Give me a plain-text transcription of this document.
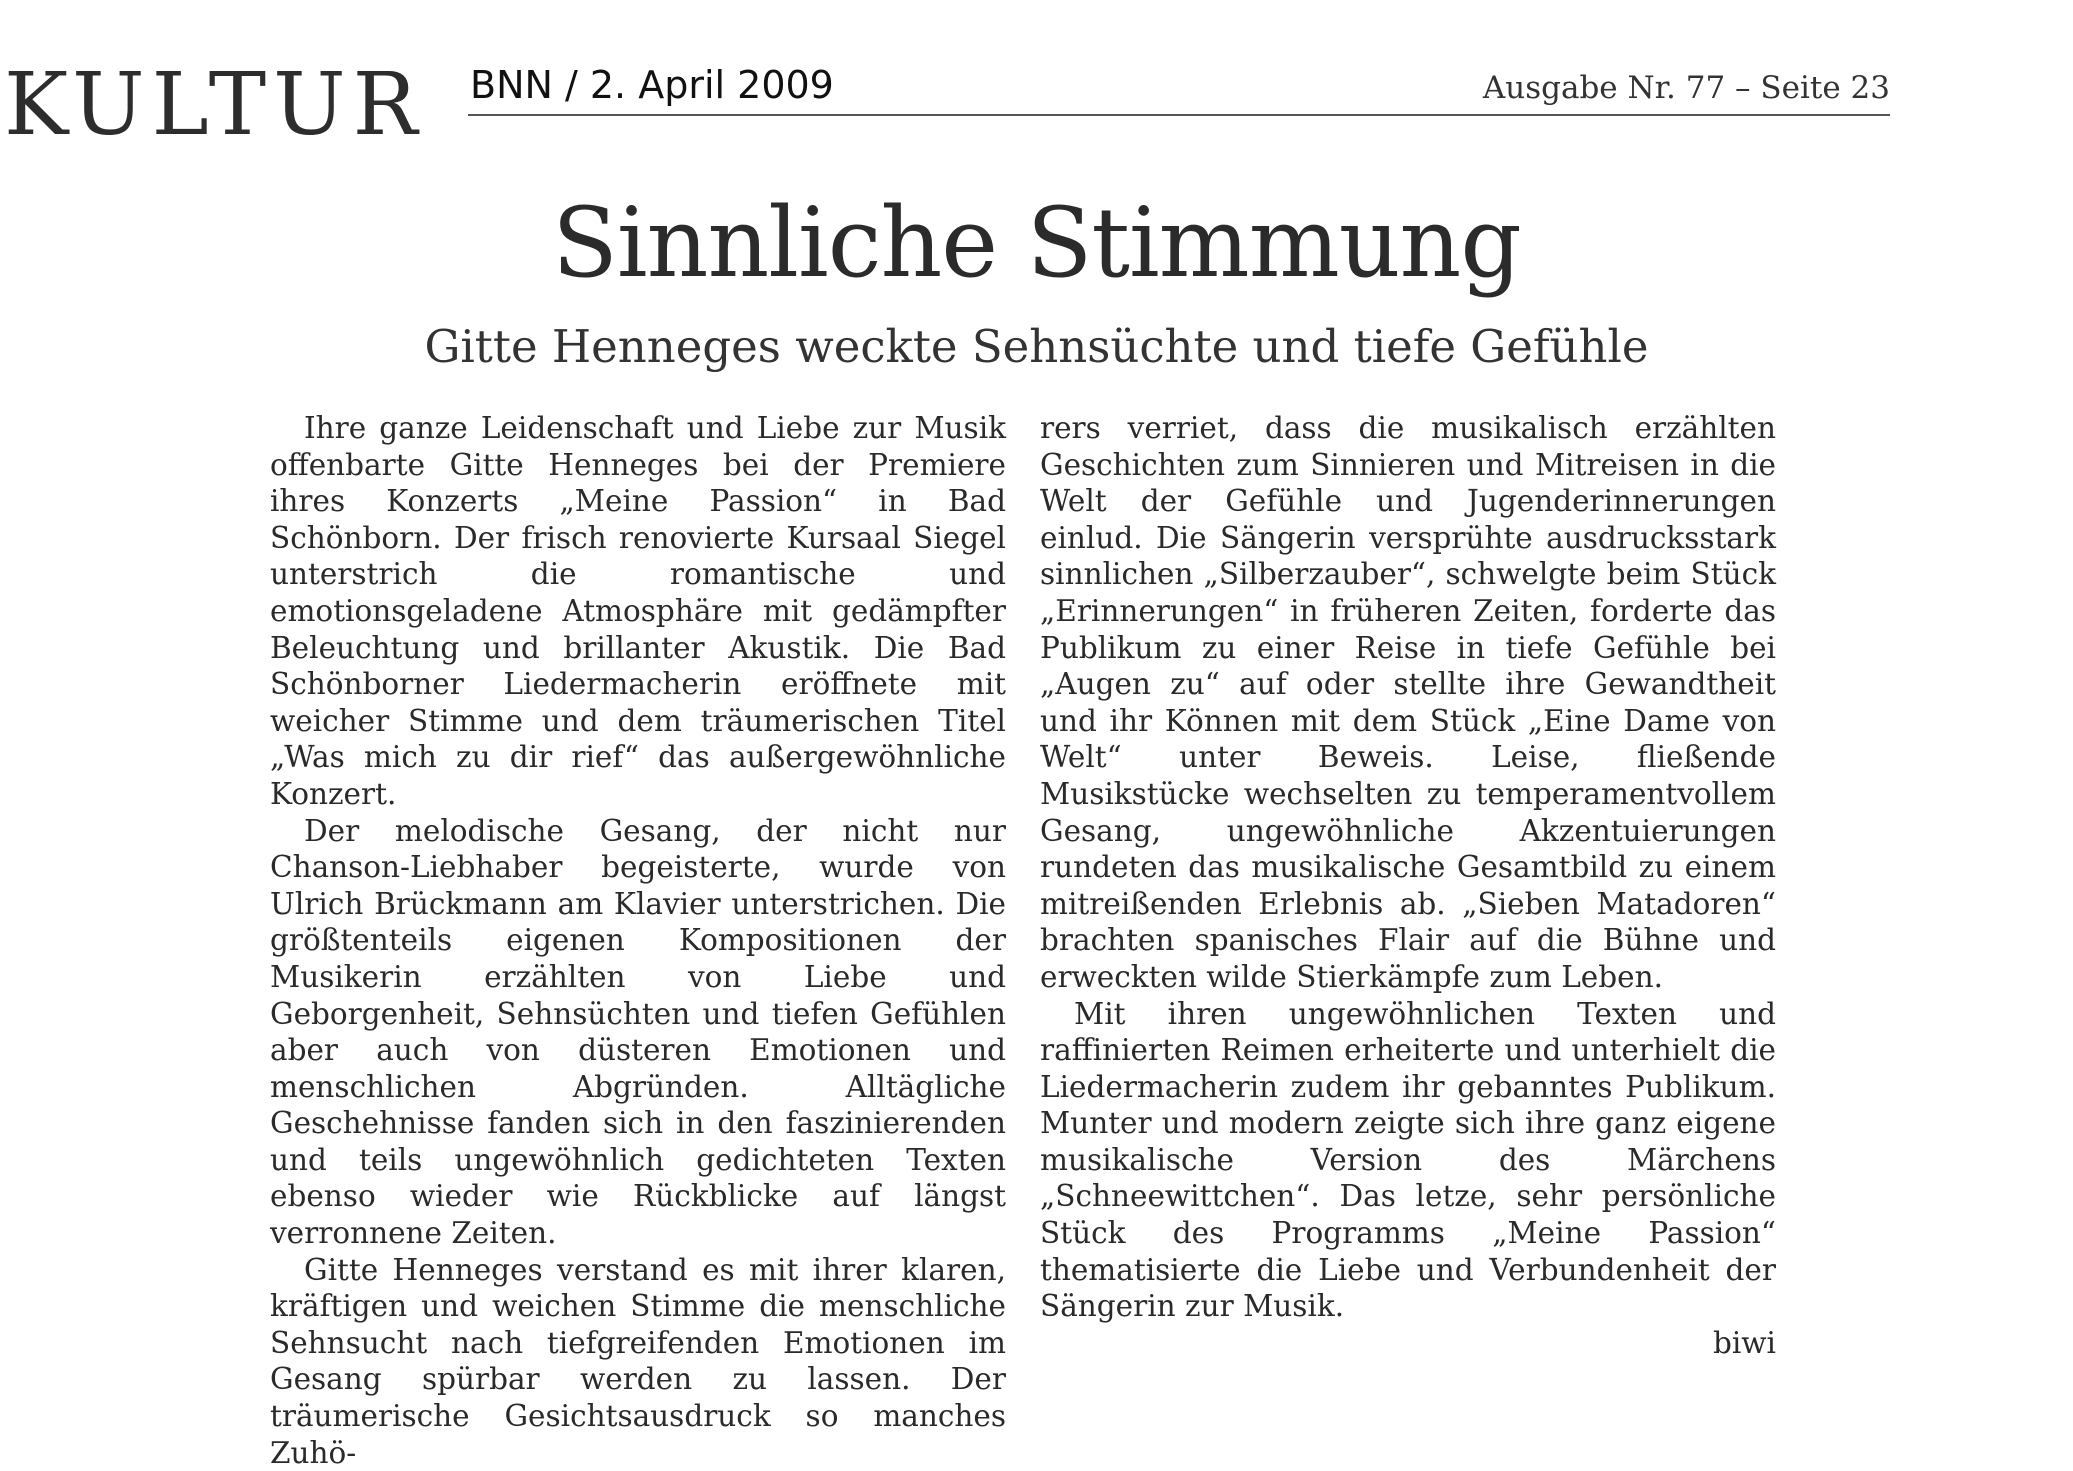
KULTUR BNN / 2. April 2009	Ausgabe Nr. 77 – Seite 23
Sinnliche Stimmung
Gitte Henneges weckte Sehnsüchte und tiefe Gefühle

Ihre ganze Leidenschaft und Liebe zur Musik offenbarte Gitte Henneges bei der Premiere ihres Konzerts „Meine Passion“ in Bad Schönborn. Der frisch renovierte Kursaal Siegel unterstrich die romantische und emotionsgeladene Atmosphäre mit gedämpfter Beleuchtung und brillanter Akustik. Die Bad Schönborner Liedermacherin eröffnete mit weicher Stimme und dem träumerischen Titel „Was mich zu dir rief“ das außergewöhnliche Konzert.

Der melodische Gesang, der nicht nur Chanson-Liebhaber begeisterte, wurde von Ulrich Brückmann am Klavier unterstrichen. Die größtenteils eigenen Kompositionen der Musikerin erzählten von Liebe und Geborgenheit, Sehnsüchten und tiefen Gefühlen aber auch von düsteren Emotionen und menschlichen Abgründen. Alltägliche Geschehnisse fanden sich in den faszinierenden und teils ungewöhnlich gedichteten Texten ebenso wieder wie Rückblicke auf längst verronnene Zeiten.

Gitte Henneges verstand es mit ihrer klaren, kräftigen und weichen Stimme die menschliche Sehnsucht nach tiefgreifenden Emotionen im Gesang spürbar werden zu lassen. Der träumerische Gesichtsausdruck so manches Zuhö-

rers verriet, dass die musikalisch erzählten Geschichten zum Sinnieren und Mitreisen in die Welt der Gefühle und Jugenderinnerungen einlud. Die Sängerin versprühte ausdrucksstark sinnlichen „Silberzauber“, schwelgte beim Stück „Erinnerungen“ in früheren Zeiten, forderte das Publikum zu einer Reise in tiefe Gefühle bei „Augen zu“ auf oder stellte ihre Gewandtheit und ihr Können mit dem Stück „Eine Dame von Welt“ unter Beweis. Leise, fließende Musikstücke wechselten zu temperamentvollem Gesang, ungewöhnliche Akzentuierungen rundeten das musikalische Gesamtbild zu einem mitreißenden Erlebnis ab. „Sieben Matadoren“ brachten spanisches Flair auf die Bühne und erweckten wilde Stierkämpfe zum Leben.

Mit ihren ungewöhnlichen Texten und raffinierten Reimen erheiterte und unterhielt die Liedermacherin zudem ihr gebanntes Publikum. Munter und modern zeigte sich ihre ganz eigene musikalische Version des Märchens „Schneewittchen“. Das letze, sehr persönliche Stück des Programms „Meine Passion“ thematisierte die Liebe und Verbundenheit der Sängerin zur Musik.

biwi
